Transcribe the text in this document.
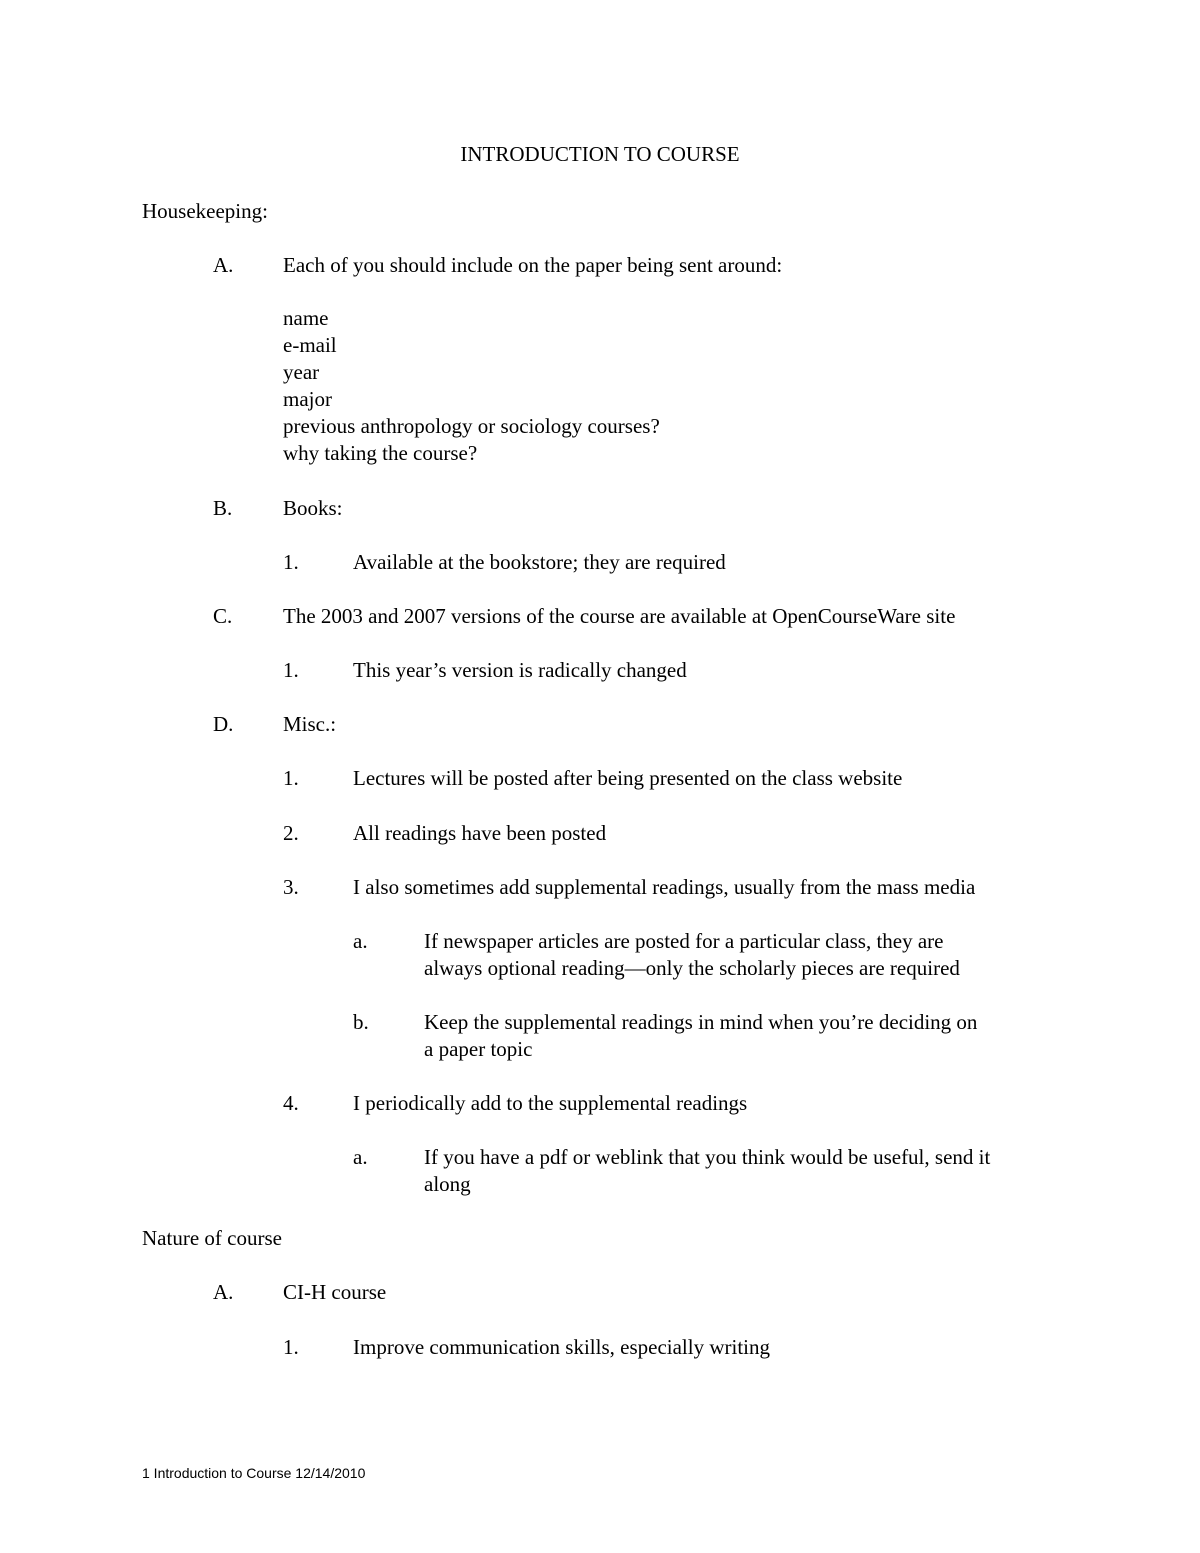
INTRODUCTION TO COURSE
Housekeeping:
A. Each of you should include on the paper being sent around:
name
e-mail
year
major
previous anthropology or sociology courses?
why taking the course?
B. Books:
1.	Available at the bookstore; they are required
C. The 2003 and 2007 versions of the course are available at OpenCourseWare site
1.	This year’s version is radically changed
D. Misc.:
1.	Lectures will be posted after being presented on the class website
2.	All readings have been posted
3.	I also sometimes add supplemental readings, usually from the mass media
a.	If newspaper articles are posted for a particular class, they are
always optional reading—only the scholarly pieces are required
b.	Keep the supplemental readings in mind when you’re deciding on
a paper topic
4.	I periodically add to the supplemental readings
a.	If you have a pdf or weblink that you think would be useful, send it
along
Nature of course
A. CI-H course
1.	Improve communication skills, especially writing
1 Introduction to Course 12/14/2010
